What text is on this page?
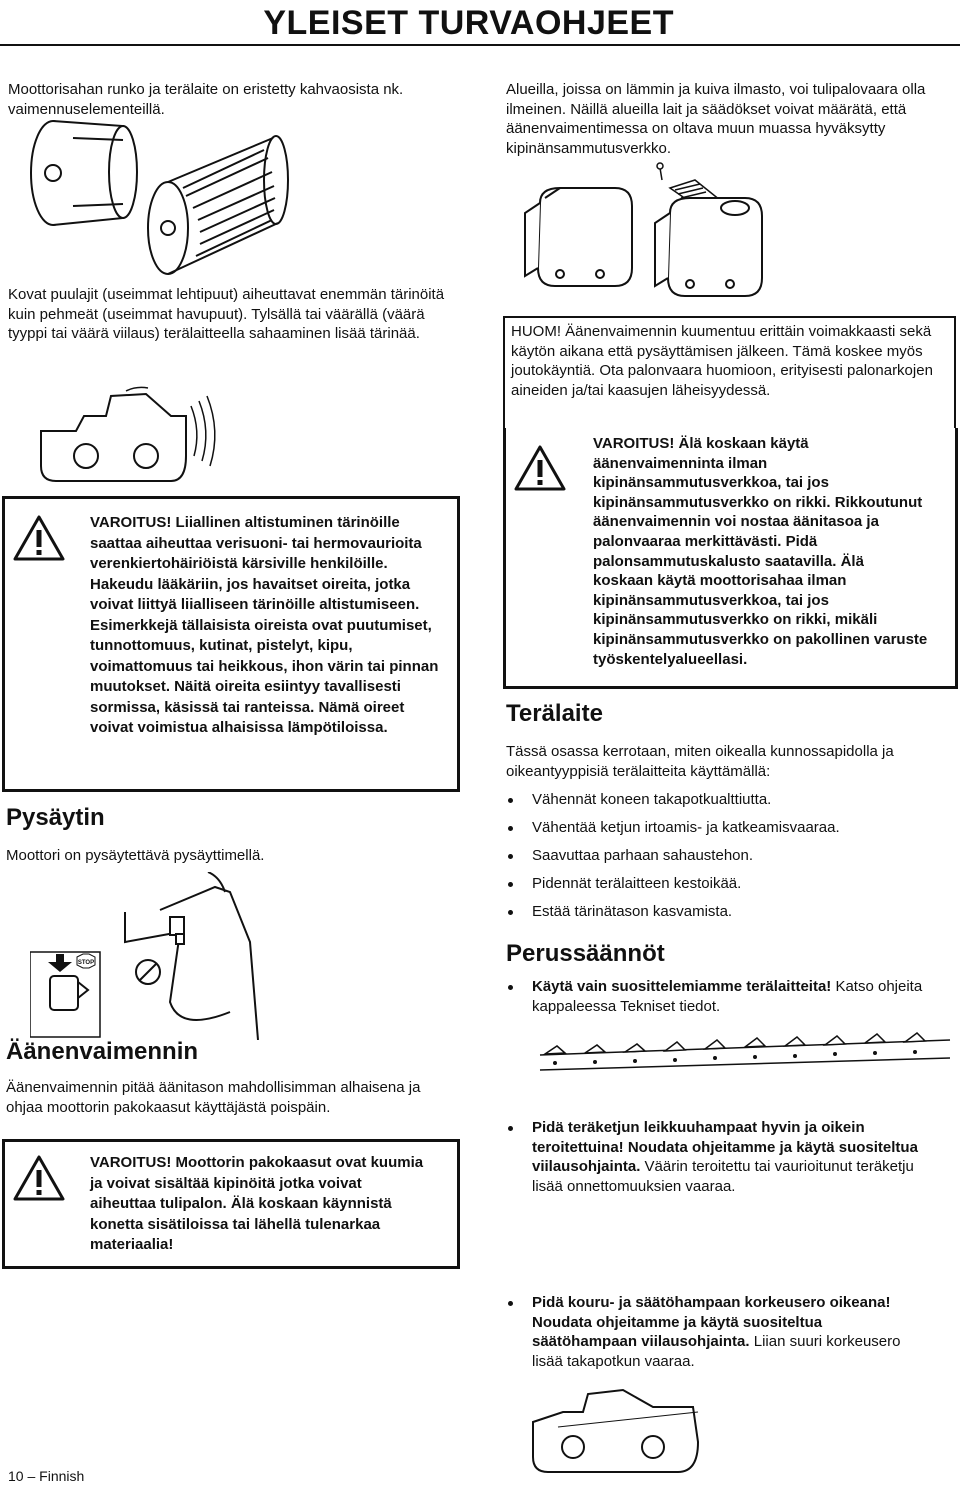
YLEISET TURVAOHJEET

Moottorisahan runko ja terälaite on eristetty kahvaosista nk. vaimennuselementeillä.

Kovat puulajit (useimmat lehtipuut) aiheuttavat enemmän tärinöitä kuin pehmeät (useimmat havupuut). Tylsällä tai väärällä (väärä tyyppi tai väärä viilaus) terälaitteella sahaaminen lisää tärinää.

VAROITUS! Liiallinen altistuminen tärinöille saattaa aiheuttaa verisuoni- tai hermovaurioita verenkiertohäiriöistä kärsiville henkilöille. Hakeudu lääkäriin, jos havaitset oireita, jotka voivat liittyä liialliseen tärinöille altistumiseen. Esimerkkejä tällaisista oireista ovat puutumiset, tunnottomuus, kutinat, pistelyt, kipu, voimattomuus tai heikkous, ihon värin tai pinnan muutokset. Näitä oireita esiintyy tavallisesti sormissa, käsissä tai ranteissa. Nämä oireet voivat voimistua alhaisissa lämpötiloissa.

Pysäytin

Moottori on pysäytettävä pysäyttimellä.

STOP
Äänenvaimennin

Äänenvaimennin pitää äänitason mahdollisimman alhaisena ja ohjaa moottorin pakokaasut käyttäjästä poispäin.

VAROITUS! Moottorin pakokaasut ovat kuumia ja voivat sisältää kipinöitä jotka voivat aiheuttaa tulipalon. Älä koskaan käynnistä konetta sisätiloissa tai lähellä tulenarkaa materiaalia!

Alueilla, joissa on lämmin ja kuiva ilmasto, voi tulipalovaara olla ilmeinen. Näillä alueilla lait ja säädökset voivat määrätä, että äänenvaimentimessa on oltava muun muassa hyväksytty kipinänsammutusverkko.

HUOM! Äänenvaimennin kuumentuu erittäin voimakkaasti sekä käytön aikana että pysäyttämisen jälkeen. Tämä koskee myös joutokäyntiä. Ota palonvaara huomioon, erityisesti palonarkojen aineiden ja/tai kaasujen läheisyydessä.

VAROITUS! Älä koskaan käytä äänenvaimenninta ilman kipinänsammutusverkkoa, tai jos kipinänsammutusverkko on rikki. Rikkoutunut äänenvaimennin voi nostaa äänitasoa ja palonvaaraa merkittävästi. Pidä palonsammutuskalusto saatavilla. Älä koskaan käytä moottorisahaa ilman kipinänsammutusverkkoa, tai jos kipinänsammutusverkko on rikki, mikäli kipinänsammutusverkko on pakollinen varuste työskentelyalueellasi.

Terälaite

Tässä osassa kerrotaan, miten oikealla kunnossapidolla ja oikeantyyppisiä terälaitteita käyttämällä:

Vähennät koneen takapotkualttiutta.
Vähentää ketjun irtoamis- ja katkeamisvaaraa.
Saavuttaa parhaan sahaustehon.
Pidennät terälaitteen kestoikää.
Estää tärinätason kasvamista.
Perussäännöt
Käytä vain suosittelemiamme terälaitteita! Katso ohjeita kappaleessa Tekniset tiedot.
Pidä teräketjun leikkuuhampaat hyvin ja oikein teroitettuina! Noudata ohjeitamme ja käytä suositeltua viilausohjainta. Väärin teroitettu tai vaurioitunut teräketju lisää onnettomuuksien vaaraa.
Pidä kouru- ja säätöhampaan korkeusero oikeana! Noudata ohjeitamme ja käytä suositeltua säätöhampaan viilausohjainta. Liian suuri korkeusero lisää takapotkun vaaraa.
10 – Finnish
